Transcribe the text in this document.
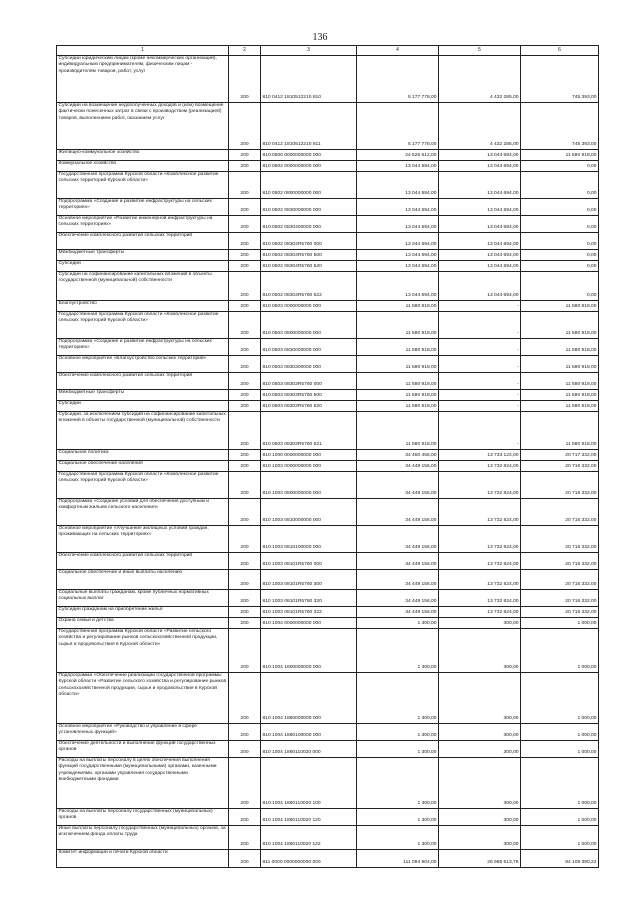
136
1	2	3	4	5	6
Субсидии юридическим лицам (кроме некоммерческих организаций), индивидуальным предпринимателям, физическим лицам - производителям товаров, работ, услуг	200	810 0412 1810512210 810	5 177 778,00	4 432 285,00	745 393,00
Субсидии на возмещение недополученных доходов и (или) возмещение фактически понесенных затрат в связи с производством (реализацией) товаров, выполнением работ, оказанием услуг	200	810 0412 1810512210 811	5 177 778,00	4 432 285,00	745 393,00
Жилищно-коммунальное хозяйство	200	810 0500 0000000000 000	24 625 612,00	13 044 694,00	11 580 918,00
Коммунальное хозяйство	200	810 0502 0000000000 000	13 044 694,00	13 044 694,00	0,00
Государственная программа Курской области «Комплексное развитие сельских территорий Курской области»	200	810 0502 0800000000 000	13 044 694,00	13 044 694,00	0,00
Подпрограмма «Создание и развитие инфраструктуры на сельских территориях»	200	810 0502 0830000000 000	13 044 694,00	13 044 694,00	0,00
Основное мероприятие «Развитие инженерной инфраструктуры на сельских территориях»	200	810 0502 0830400000 000	13 044 694,00	13 044 694,00	0,00
Обеспечение комплексного развития сельских территорий	200	810 0502 08304R5760 000	13 044 694,00	13 044 694,00	0,00
Межбюджетные трансферты	200	810 0502 08304R5760 500	13 044 694,00	13 044 694,00	0,00
Субсидии	200	810 0502 08304R5760 520	13 044 694,00	13 044 694,00	0,00
Субсидии на софинансирование капитальных вложений в объекты государственной (муниципальной) собственности	200	810 0502 08304R5760 522	13 044 694,00	13 044 694,00	0,00
Благоустройство	200	810 0503 0000000000 000	11 580 918,00	-	11 580 918,00
Государственная программа Курской области «Комплексное развитие сельских территорий Курской области»	200	810 0503 0800000000 000	11 580 918,00	-	11 580 918,00
Подпрограмма «Создание и развитие инфраструктуры на сельских территориях»	200	810 0503 0830000000 000	11 580 918,00	-	11 580 918,00
Основное мероприятие «Благоустройство сельских территорий»	200	810 0503 0830300000 000	11 580 918,00	-	11 580 918,00
Обеспечение комплексного развития сельских территорий	200	810 0503 08303R5760 000	11 580 918,00	-	11 580 918,00
Межбюджетные трансферты	200	810 0503 08303R5760 500	11 580 918,00	-	11 580 918,00
Субсидии	200	810 0503 08303R5760 520	11 580 918,00	-	11 580 918,00
Субсидии, за исключением субсидий на софинансирование капитальных вложений в объекты государственной (муниципальной) собственности	200	810 0503 08303R5760 521	11 580 918,00	-	11 580 918,00
Социальная политика	200	810 1000 0000000000 000	34 450 456,00	13 733 124,00	20 717 332,00
Социальное обеспечение населения	200	810 1003 0000000000 000	34 449 156,00	13 732 824,00	20 716 332,00
Государственная программа Курской области «Комплексное развитие сельских территорий Курской области»	200	810 1003 0800000000 000	34 449 156,00	13 732 824,00	20 716 332,00
Подпрограмма «Создание условий для обеспечения доступным и комфортным жильем сельского населения»	200	810 1003 0810000000 000	34 449 156,00	13 732 824,00	20 716 332,00
Основное мероприятие «Улучшение жилищных условий граждан, проживающих на сельских территориях»	200	810 1003 0810100000 000	34 449 156,00	13 732 824,00	20 716 332,00
Обеспечение комплексного развития сельских территорий	200	810 1003 08101R5760 000	34 449 156,00	13 732 824,00	20 716 332,00
Социальное обеспечение и иные выплаты населению	200	810 1003 08101R5760 300	34 449 156,00	13 732 824,00	20 716 332,00
Социальные выплаты гражданам, кроме публичных нормативных социальных выплат	200	810 1003 08101R5760 320	34 449 156,00	13 732 824,00	20 716 332,00
Субсидии гражданам на приобретение жилья	200	810 1003 08101R5760 322	34 449 156,00	13 732 824,00	20 716 332,00
Охрана семьи и детства	200	810 1004 0000000000 000	1 300,00	300,00	1 000,00
Государственная программа Курской области «Развитие сельского хозяйства и регулирование рынков сельскохозяйственной продукции, сырья и продовольствия в Курской области»	200	810 1004 1800000000 000	1 300,00	300,00	1 000,00
Подпрограмма «Обеспечение реализации государственной программы Курской области «Развитие сельского хозяйства и регулирование рынков сельскохозяйственной продукции, сырья и продовольствия в Курской области»	200	810 1004 1860000000 000	1 300,00	300,00	1 000,00
Основное мероприятие «Руководство и управление в сфере установленных функций»	200	810 1004 1860100000 000	1 300,00	300,00	1 000,00
Обеспечение деятельности и выполнение функций государственных органов	200	810 1004 1860110020 000	1 300,00	300,00	1 000,00
Расходы на выплаты персоналу в целях обеспечения выполнения функций государственными (муниципальными) органами, казенными учреждениями, органами управления государственными внебюджетными фондами	200	810 1004 1860110020 100	1 300,00	300,00	1 000,00
Расходы на выплаты персоналу государственных (муниципальных) органов	200	810 1004 1860110020 120	1 300,00	300,00	1 000,00
Иные выплаты персоналу государственных (муниципальных) органов, за исключением фонда оплаты труда	200	810 1004 1860110020 122	1 300,00	300,00	1 000,00
Комитет информации и печати Курской области	200	811 0000 0000000000 000	111 094 904,00	26 985 513,78	84 109 390,22
